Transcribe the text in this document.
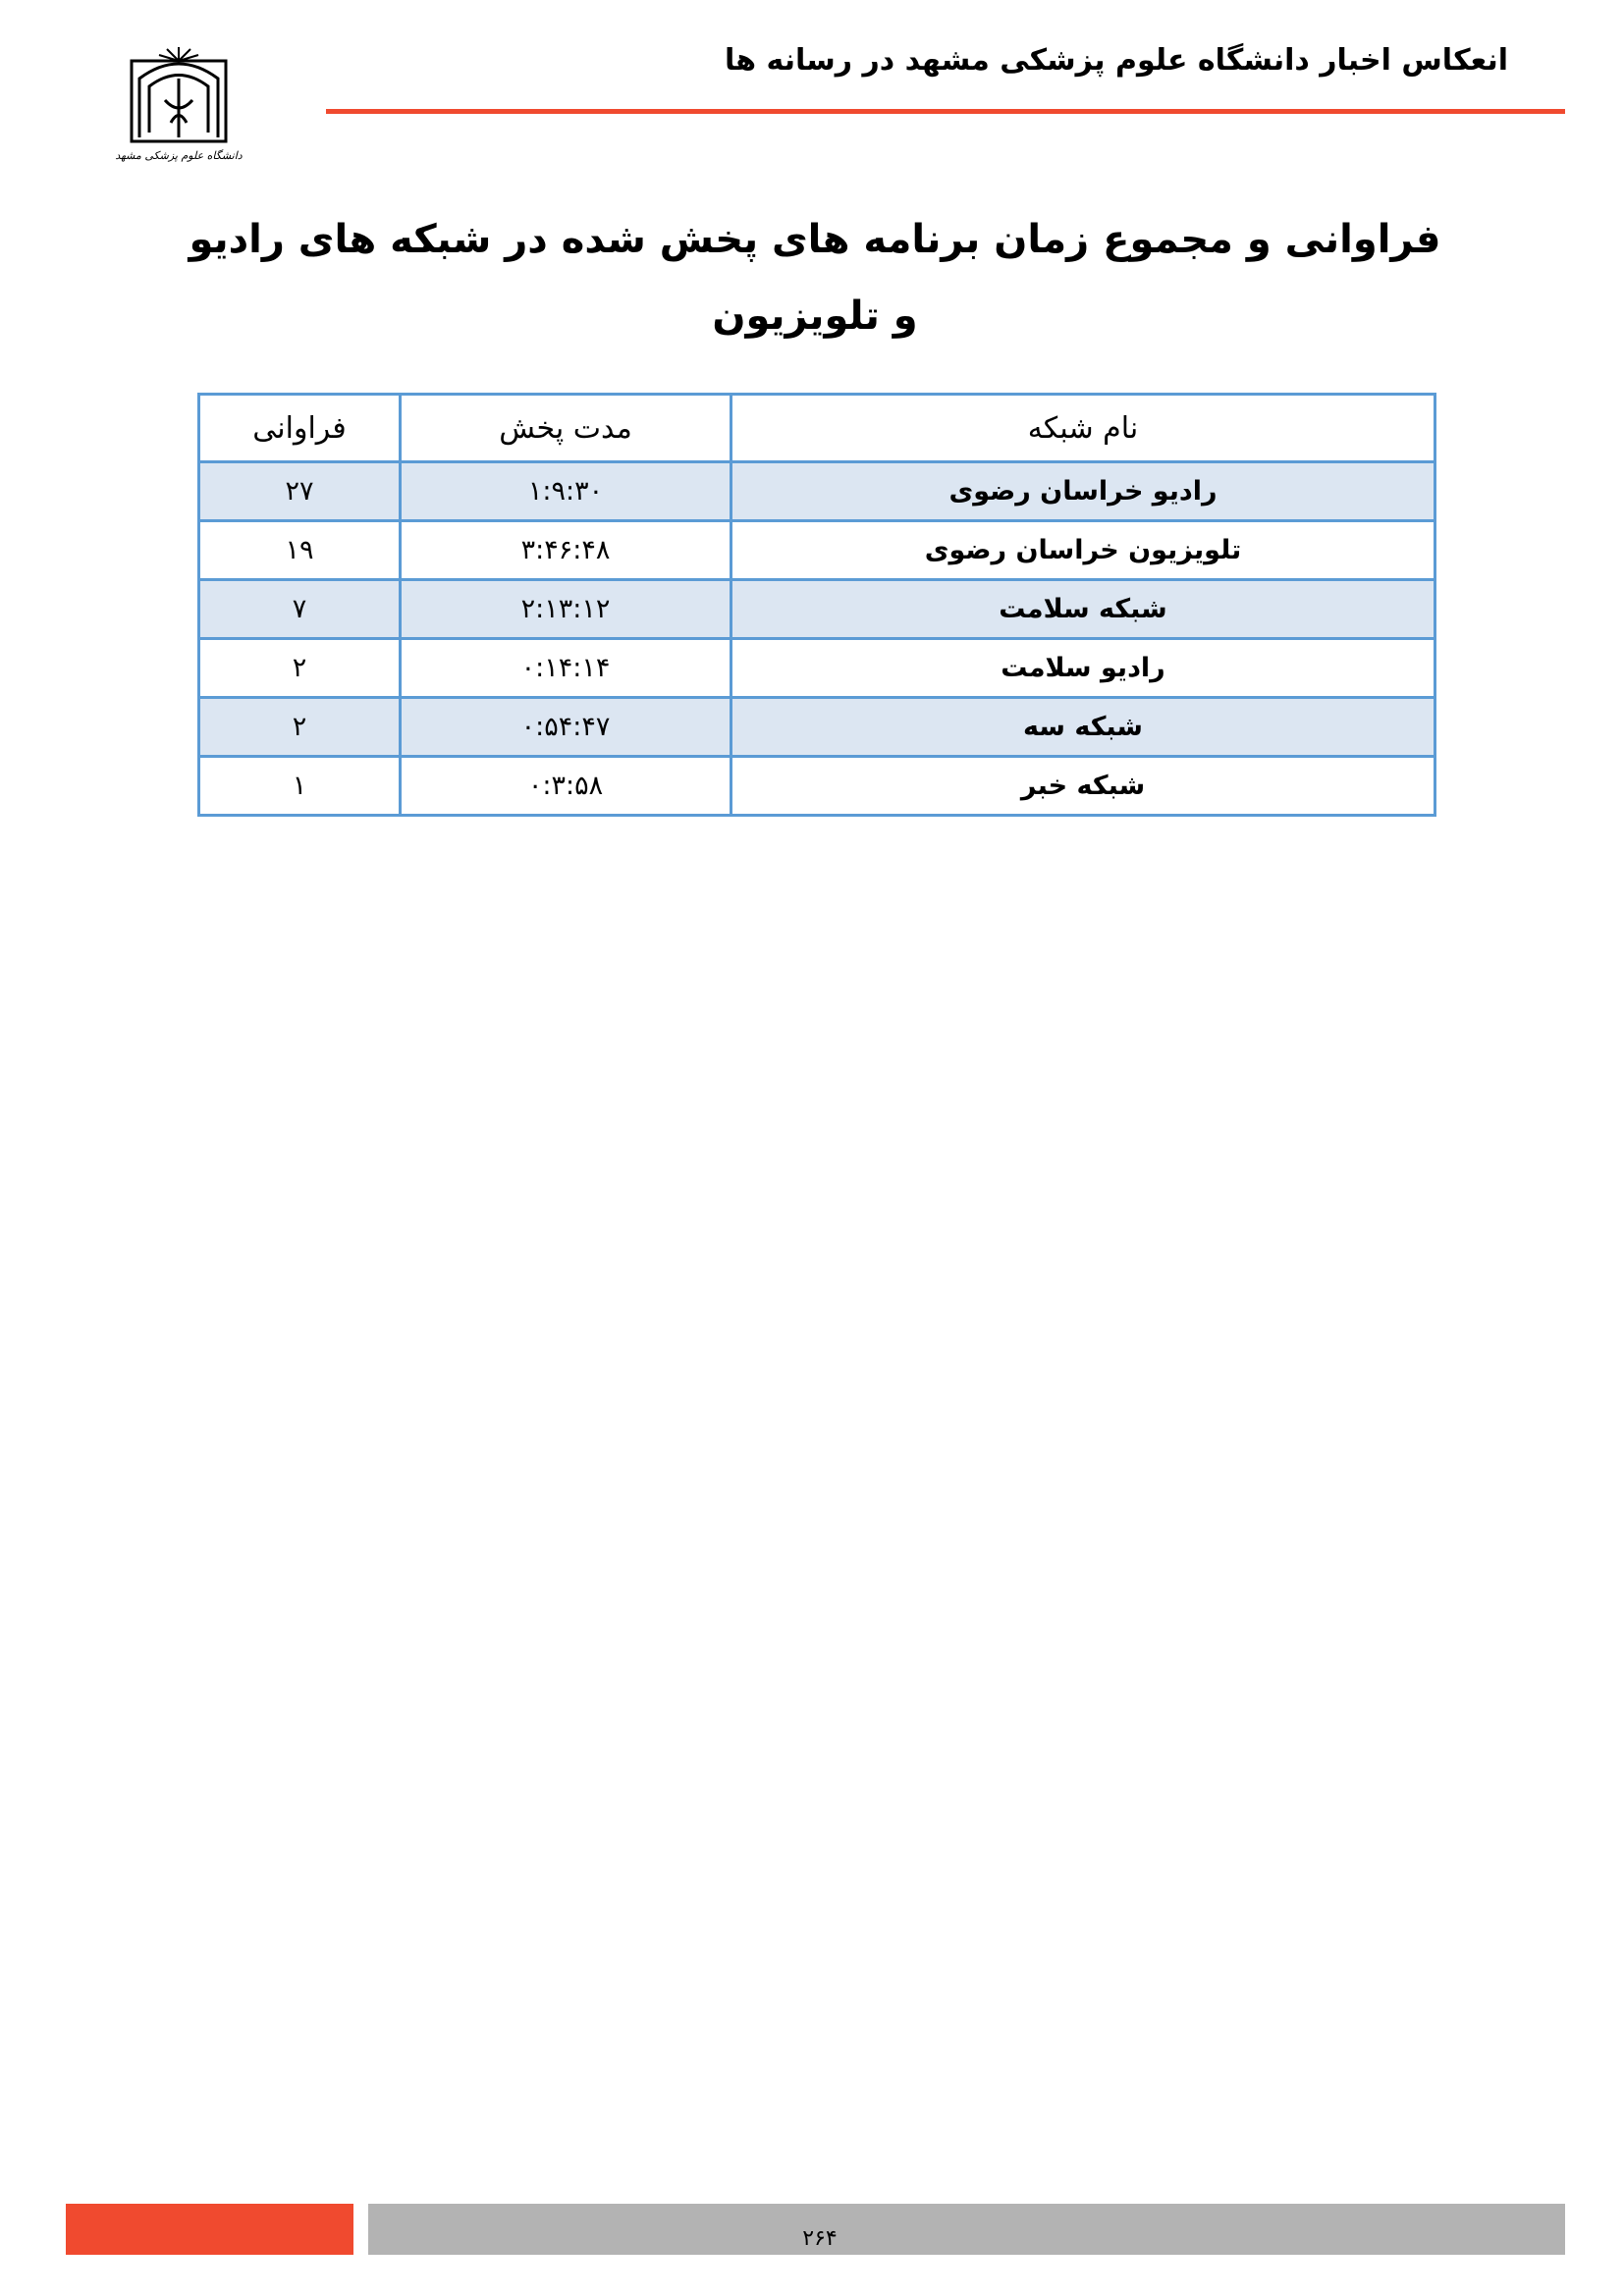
انعکاس اخبار دانشگاه علوم پزشکی مشهد در رسانه ها
دانشگاه علوم پزشکی مشهد
فراوانی و مجموع زمان برنامه های پخش شده در شبکه های رادیو و تلویزیون
نام شبکه	مدت پخش	فراوانی
رادیو خراسان رضوی	۱:۹:۳۰	۲۷
تلویزیون خراسان رضوی	۳:۴۶:۴۸	۱۹
شبکه سلامت	۲:۱۳:۱۲	۷
رادیو سلامت	۰:۱۴:۱۴	۲
شبکه سه	۰:۵۴:۴۷	۲
شبکه خبر	۰:۳:۵۸	۱
۲۶۴
